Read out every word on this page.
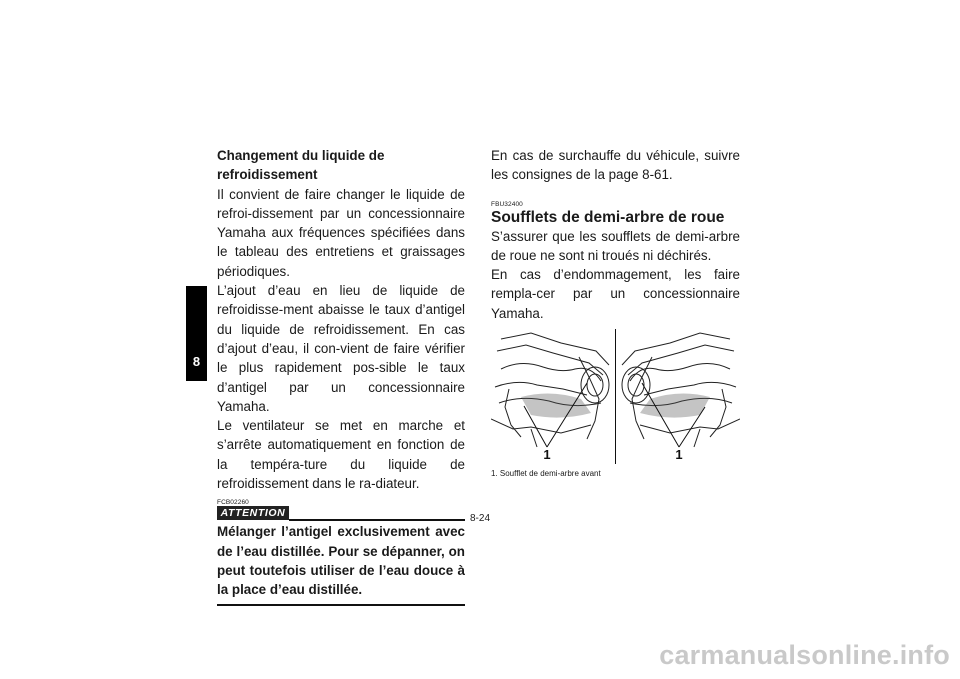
8
Changement du liquide de refroidissement
Il convient de faire changer le liquide de refroi-dissement par un concessionnaire Yamaha aux fréquences spécifiées dans le tableau des entretiens et graissages périodiques.
L’ajout d’eau en lieu de liquide de refroidisse-ment abaisse le taux d’antigel du liquide de refroidissement. En cas d’ajout d’eau, il con-vient de faire vérifier le plus rapidement pos-sible le taux d’antigel par un concessionnaire Yamaha.
Le ventilateur se met en marche et s’arrête automatiquement en fonction de la tempéra-ture du liquide de refroidissement dans le ra-diateur.
FCB02260
ATTENTION
Mélanger l’antigel exclusivement avec de l’eau distillée. Pour se dépanner, on peut toutefois utiliser de l’eau douce à la place d’eau distillée.
En cas de surchauffe du véhicule, suivre les consignes de la page 8-61.
FBU32400
Soufflets de demi-arbre de roue
S’assurer que les soufflets de demi-arbre de roue ne sont ni troués ni déchirés.
En cas d’endommagement, les faire rempla-cer par un concessionnaire Yamaha.
1	1
1. Soufflet de demi-arbre avant
8-24
carmanualsonline.info
